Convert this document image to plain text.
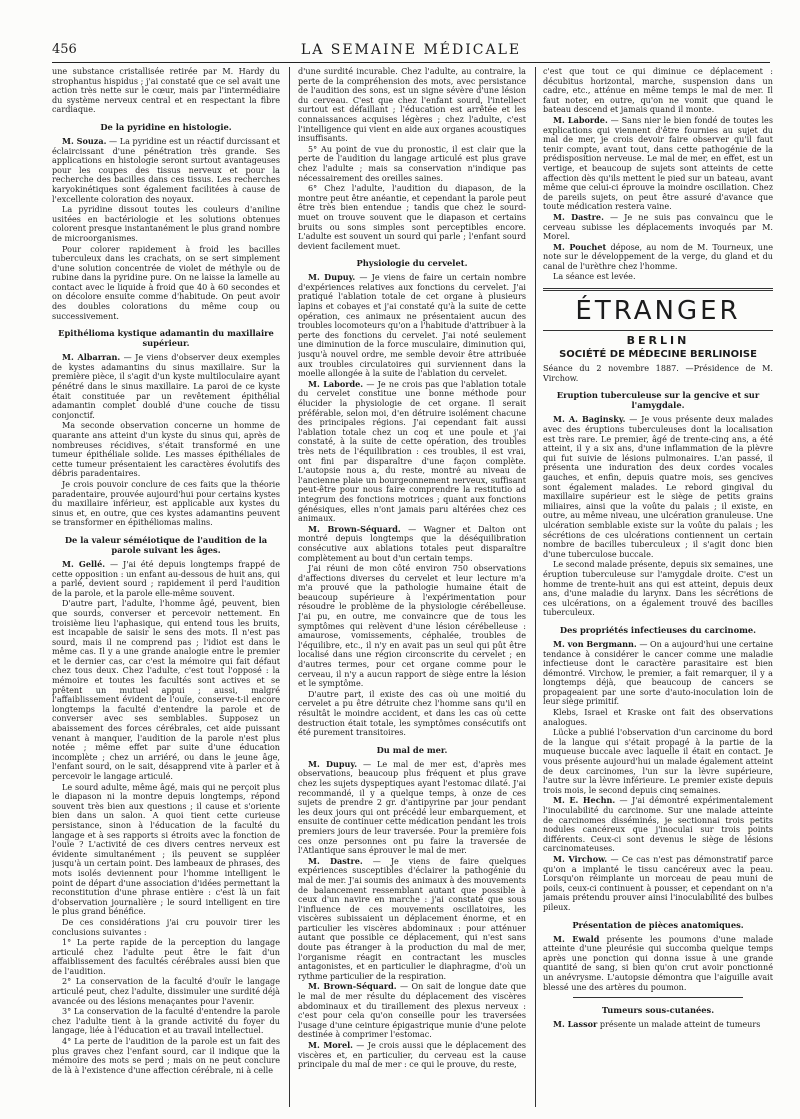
456	LA SEMAINE MÉDICALE

une substance cristallisée retirée par M. Hardy du strophantus hispidus ; j'ai constaté que ce sel avait une action très nette sur le cœur, mais par l'intermédiaire du système nerveux central et en respectant la fibre cardiaque.

De la pyridine en histologie.

M. Souza. — La pyridine est un réactif durcissant et éclaircissant d'une pénétration très grande. Ses applications en histologie seront surtout avantageuses pour les coupes des tissus nerveux et pour la recherche des bacilles dans ces tissus. Les recherches karyokinétiques sont également facilitées à cause de l'excellente coloration des noyaux.

La pyridine dissout toutes les couleurs d'aniline usitées en bactériologie et les solutions obtenues colorent presque instantanément le plus grand nombre de microorganismes.

Pour colorer rapidement à froid les bacilles tuberculeux dans les crachats, on se sert simplement d'une solution concentrée de violet de méthyle ou de rubine dans la pyridine pure. On ne laisse la lamelle au contact avec le liquide à froid que 40 à 60 secondes et on décolore ensuite comme d'habitude. On peut avoir des doubles colorations du même coup ou successivement.

Epithélioma kystique adamantin du maxillaire supérieur.

M. Albarran. — Je viens d'observer deux exemples de kystes adamantins du sinus maxillaire. Sur la première pièce, il s'agit d'un kyste multiloculaire ayant pénétré dans le sinus maxillaire. La paroi de ce kyste était constituée par un revêtement épithélial adamantin complet doublé d'une couche de tissu conjonctif.

Ma seconde observation concerne un homme de quarante ans atteint d'un kyste du sinus qui, après de nombreuses récidives, s'était transformé en une tumeur épithéliale solide. Les masses épithéliales de cette tumeur présentaient les caractères évolutifs des débris paradentaires.

Je crois pouvoir conclure de ces faits que la théorie paradentaire, prouvée aujourd'hui pour certains kystes du maxillaire inférieur, est applicable aux kystes du sinus et, en outre, que ces kystes adamantins peuvent se transformer en épithéliomas malins.

De la valeur séméiotique de l'audition de la parole suivant les âges.

M. Gellé. — J'ai été depuis longtemps frappé de cette opposition : un enfant au-dessous de huit ans, qui a parlé, devient sourd ; rapidement il perd l'audition de la parole, et la parole elle-même souvent.

D'autre part, l'adulte, l'homme âgé, peuvent, bien que sourds, converser et percevoir nettement. En troisième lieu l'aphasique, qui entend tous les bruits, est incapable de saisir le sens des mots. Il n'est pas sourd, mais il ne comprend pas ; l'idiot est dans le même cas. Il y a une grande analogie entre le premier et le dernier cas, car c'est la mémoire qui fait défaut chez tous deux. Chez l'adulte, c'est tout l'opposé : la mémoire et toutes les facultés sont actives et se prêtent un mutuel appui ; aussi, malgré l'affaiblissement évident de l'ouïe, conserve-t-il encore longtemps la faculté d'entendre la parole et de converser avec ses semblables. Supposez un abaissement des forces cérébrales, cet aide puissant venant à manquer, l'audition de la parole n'est plus notée ; même effet par suite d'une éducation incomplète ; chez un arriéré, ou dans le jeune âge, l'enfant sourd, on le sait, désapprend vite à parler et à percevoir le langage articulé.

Le sourd adulte, même âgé, mais qui ne perçoit plus le diapason ni la montre depuis longtemps, répond souvent très bien aux questions ; il cause et s'oriente bien dans un salon. A quoi tient cette curieuse persistance, sinon à l'éducation de la faculté du langage et à ses rapports si étroits avec la fonction de l'ouïe ? L'activité de ces divers centres nerveux est évidente simultanément ; ils peuvent se suppléer jusqu'à un certain point. Des lambeaux de phrases, des mots isolés deviennent pour l'homme intelligent le point de départ d'une association d'idées permettant la reconstitution d'une phrase entière : c'est là un fait d'observation journalière ; le sourd intelligent en tire le plus grand bénéfice.

De ces considérations j'ai cru pouvoir tirer les conclusions suivantes :

1° La perte rapide de la perception du langage articulé chez l'adulte peut être le fait d'un affaiblissement des facultés cérébrales aussi bien que de l'audition.

2° La conservation de la faculté d'ouïr le langage articulé peut, chez l'adulte, dissimuler une surdité déjà avancée ou des lésions menaçantes pour l'avenir.

3° La conservation de la faculté d'entendre la parole chez l'adulte tient à la grande activité du foyer du langage, liée à l'éducation et au travail intellectuel.

4° La perte de l'audition de la parole est un fait des plus graves chez l'enfant sourd, car il indique que la mémoire des mots se perd ; mais on ne peut conclure de là à l'existence d'une affection cérébrale, ni à celle

d'une surdité incurable. Chez l'adulte, au contraire, la perte de la compréhension des mots, avec persistance de l'audition des sons, est un signe sévère d'une lésion du cerveau. C'est que chez l'enfant sourd, l'intellect surtout est défaillant ; l'éducation est arrêtée et les connaissances acquises légères ; chez l'adulte, c'est l'intelligence qui vient en aide aux organes acoustiques insuffisants.

5° Au point de vue du pronostic, il est clair que la perte de l'audition du langage articulé est plus grave chez l'adulte ; mais sa conservation n'indique pas nécessairement des oreilles saines.

6° Chez l'adulte, l'audition du diapason, de la montre peut être anéantie, et cependant la parole peut être très bien entendue ; tandis que chez le sourd-muet on trouve souvent que le diapason et certains bruits ou sons simples sont perceptibles encore. L'adulte est souvent un sourd qui parle ; l'enfant sourd devient facilement muet.

Physiologie du cervelet.

M. Dupuy. — Je viens de faire un certain nombre d'expériences relatives aux fonctions du cervelet. J'ai pratiqué l'ablation totale de cet organe à plusieurs lapins et cobayes et j'ai constaté qu'à la suite de cette opération, ces animaux ne présentaient aucun des troubles locomoteurs qu'on a l'habitude d'attribuer à la perte des fonctions du cervelet. J'ai noté seulement une diminution de la force musculaire, diminution qui, jusqu'à nouvel ordre, me semble devoir être attribuée aux troubles circulatoires qui surviennent dans la moelle allongée à la suite de l'ablation du cervelet.

M. Laborde. — Je ne crois pas que l'ablation totale du cervelet constitue une bonne méthode pour élucider la physiologie de cet organe. Il serait préférable, selon moi, d'en détruire isolément chacune des principales régions. J'ai cependant fait aussi l'ablation totale chez un coq et une poule et j'ai constaté, à la suite de cette opération, des troubles très nets de l'équilibration : ces troubles, il est vrai, ont fini par disparaître d'une façon complète. L'autopsie nous a, du reste, montré au niveau de l'ancienne plaie un bourgeonnement nerveux, suffisant peut-être pour nous faire comprendre la restitutio ad integrum des fonctions motrices ; quant aux fonctions génésiques, elles n'ont jamais paru altérées chez ces animaux.

M. Brown-Séquard. — Wagner et Dalton ont montré depuis longtemps que la déséquilibration consécutive aux ablations totales peut disparaître complètement au bout d'un certain temps.

J'ai réuni de mon côté environ 750 observations d'affections diverses du cervelet et leur lecture m'a m'a prouvé que la pathologie humaine était de beaucoup supérieure à l'expérimentation pour résoudre le problème de la physiologie cérébelleuse. J'ai pu, en outre, me convaincre que de tous les symptômes qui relèvent d'une lésion cérébelleuse : amaurose, vomissements, céphalée, troubles de l'équilibre, etc., il n'y en avait pas un seul qui pût être localisé dans une région circonscrite du cervelet ; en d'autres termes, pour cet organe comme pour le cerveau, il n'y a aucun rapport de siège entre la lésion et le symptôme.

D'autre part, il existe des cas où une moitié du cervelet a pu être détruite chez l'homme sans qu'il en résultât le moindre accident, et dans les cas où cette destruction était totale, les symptômes consécutifs ont été purement transitoires.

Du mal de mer.

M. Dupuy. — Le mal de mer est, d'après mes observations, beaucoup plus fréquent et plus grave chez les sujets dyspeptiques ayant l'estomac dilaté. J'ai recommandé, il y a quelque temps, à onze de ces sujets de prendre 2 gr. d'antipyrine par jour pendant les deux jours qui ont précédé leur embarquement, et ensuite de continuer cette médication pendant les trois premiers jours de leur traversée. Pour la première fois ces onze personnes ont pu faire la traversée de l'Atlantique sans éprouver le mal de mer.

M. Dastre. — Je viens de faire quelques expériences susceptibles d'éclairer la pathogénie du mal de mer. J'ai soumis des animaux à des mouvements de balancement ressemblant autant que possible à ceux d'un navire en marche : j'ai constaté que sous l'influence de ces mouvements oscillatoires, les viscères subissaient un déplacement énorme, et en particulier les viscères abdominaux : pour atténuer autant que possible ce déplacement, qui n'est sans doute pas étranger à la production du mal de mer, l'organisme réagit en contractant les muscles antagonistes, et en particulier le diaphragme, d'où un rythme particulier de la respiration.

M. Brown-Séquard. — On sait de longue date que le mal de mer résulte du déplacement des viscères abdominaux et du tiraillement des plexus nerveux : c'est pour cela qu'on conseille pour les traversées l'usage d'une ceinture épigastrique munie d'une pelote destinée à comprimer l'estomac.

M. Morel. — Je crois aussi que le déplacement des viscères et, en particulier, du cerveau est la cause principale du mal de mer : ce qui le prouve, du reste,

c'est que tout ce qui diminue ce déplacement : décubitus horizontal, marche, suspension dans un cadre, etc., atténue en même temps le mal de mer. Il faut noter, en outre, qu'on ne vomit que quand le bateau descend et jamais quand il monte.

M. Laborde. — Sans nier le bien fondé de toutes les explications qui viennent d'être fournies au sujet du mal de mer, je crois devoir faire observer qu'il faut tenir compte, avant tout, dans cette pathogénie de la prédisposition nerveuse. Le mal de mer, en effet, est un vertige, et beaucoup de sujets sont atteints de cette affection dès qu'ils mettent le pied sur un bateau, avant même que celui-ci éprouve la moindre oscillation. Chez de pareils sujets, on peut être assuré d'avance que toute médication restera vaine.

M. Dastre. — Je ne suis pas convaincu que le cerveau subisse les déplacements invoqués par M. Morel.

M. Pouchet dépose, au nom de M. Tourneux, une note sur le développement de la verge, du gland et du canal de l'urèthre chez l'homme.

La séance est levée.

ÉTRANGER
BERLIN
SOCIÉTÉ DE MÉDECINE BERLINOISE
Séance du 2 novembre 1887. —Présidence de M. Virchow.
Eruption tuberculeuse sur la gencive et sur l'amygdale.

M. A. Baginsky. — Je vous présente deux malades avec des éruptions tuberculeuses dont la localisation est très rare. Le premier, âgé de trente-cinq ans, a été atteint, il y a six ans, d'une inflammation de la plèvre qui fut suivie de lésions pulmonaires. L'an passé, il présenta une induration des deux cordes vocales gauches, et enfin, depuis quatre mois, ses gencives sont également malades. Le rebord gingival du maxillaire supérieur est le siège de petits grains miliaires, ainsi que la voûte du palais ; il existe, en outre, au même niveau, une ulcération granuleuse. Une ulcération semblable existe sur la voûte du palais ; les sécrétions de ces ulcérations contiennent un certain nombre de bacilles tuberculeux ; il s'agit donc bien d'une tuberculose buccale.

Le second malade présente, depuis six semaines, une éruption tuberculeuse sur l'amygdale droite. C'est un homme de trente-huit ans qui est atteint, depuis deux ans, d'une maladie du larynx. Dans les sécrétions de ces ulcérations, on a également trouvé des bacilles tuberculeux.

Des propriétés infectieuses du carcinome.

M. von Bergmann. — On a aujourd'hui une certaine tendance à considérer le cancer comme une maladie infectieuse dont le caractère parasitaire est bien démontré. Virchow, le premier, a fait remarquer, il y a longtemps déjà, que beaucoup de cancers se propageaient par une sorte d'auto-inoculation loin de leur siège primitif.

Klebs, Israel et Kraske ont fait des observations analogues.

Lücke a publié l'observation d'un carcinome du bord de la langue qui s'était propagé à la partie de la muqueuse buccale avec laquelle il était en contact. Je vous présente aujourd'hui un malade également atteint de deux carcinomes, l'un sur la lèvre supérieure, l'autre sur la lèvre inférieure. Le premier existe depuis trois mois, le second depuis cinq semaines.

M. E. Hechn. — J'ai démontré expérimentalement l'inoculabilité du carcinome. Sur une malade atteinte de carcinomes disséminés, je sectionnai trois petits nodules cancéreux que j'inoculai sur trois points différents. Ceux-ci sont devenus le siège de lésions carcinomateuses.

M. Virchow. — Ce cas n'est pas démonstratif parce qu'on a implanté le tissu cancéreux avec la peau. Lorsqu'on réimplante un morceau de peau muni de poils, ceux-ci continuent à pousser, et cependant on n'a jamais prétendu prouver ainsi l'inoculabilité des bulbes pileux.

Présentation de pièces anatomiques.

M. Ewald présente les poumons d'une malade atteinte d'une pleurésie qui succomba quelque temps après une ponction qui donna issue à une grande quantité de sang, si bien qu'on crut avoir ponctionné un anévrysme. L'autopsie démontra que l'aiguille avait blessé une des artères du poumon.

Tumeurs sous-cutanées.

M. Lassor présente un malade atteint de tumeurs
